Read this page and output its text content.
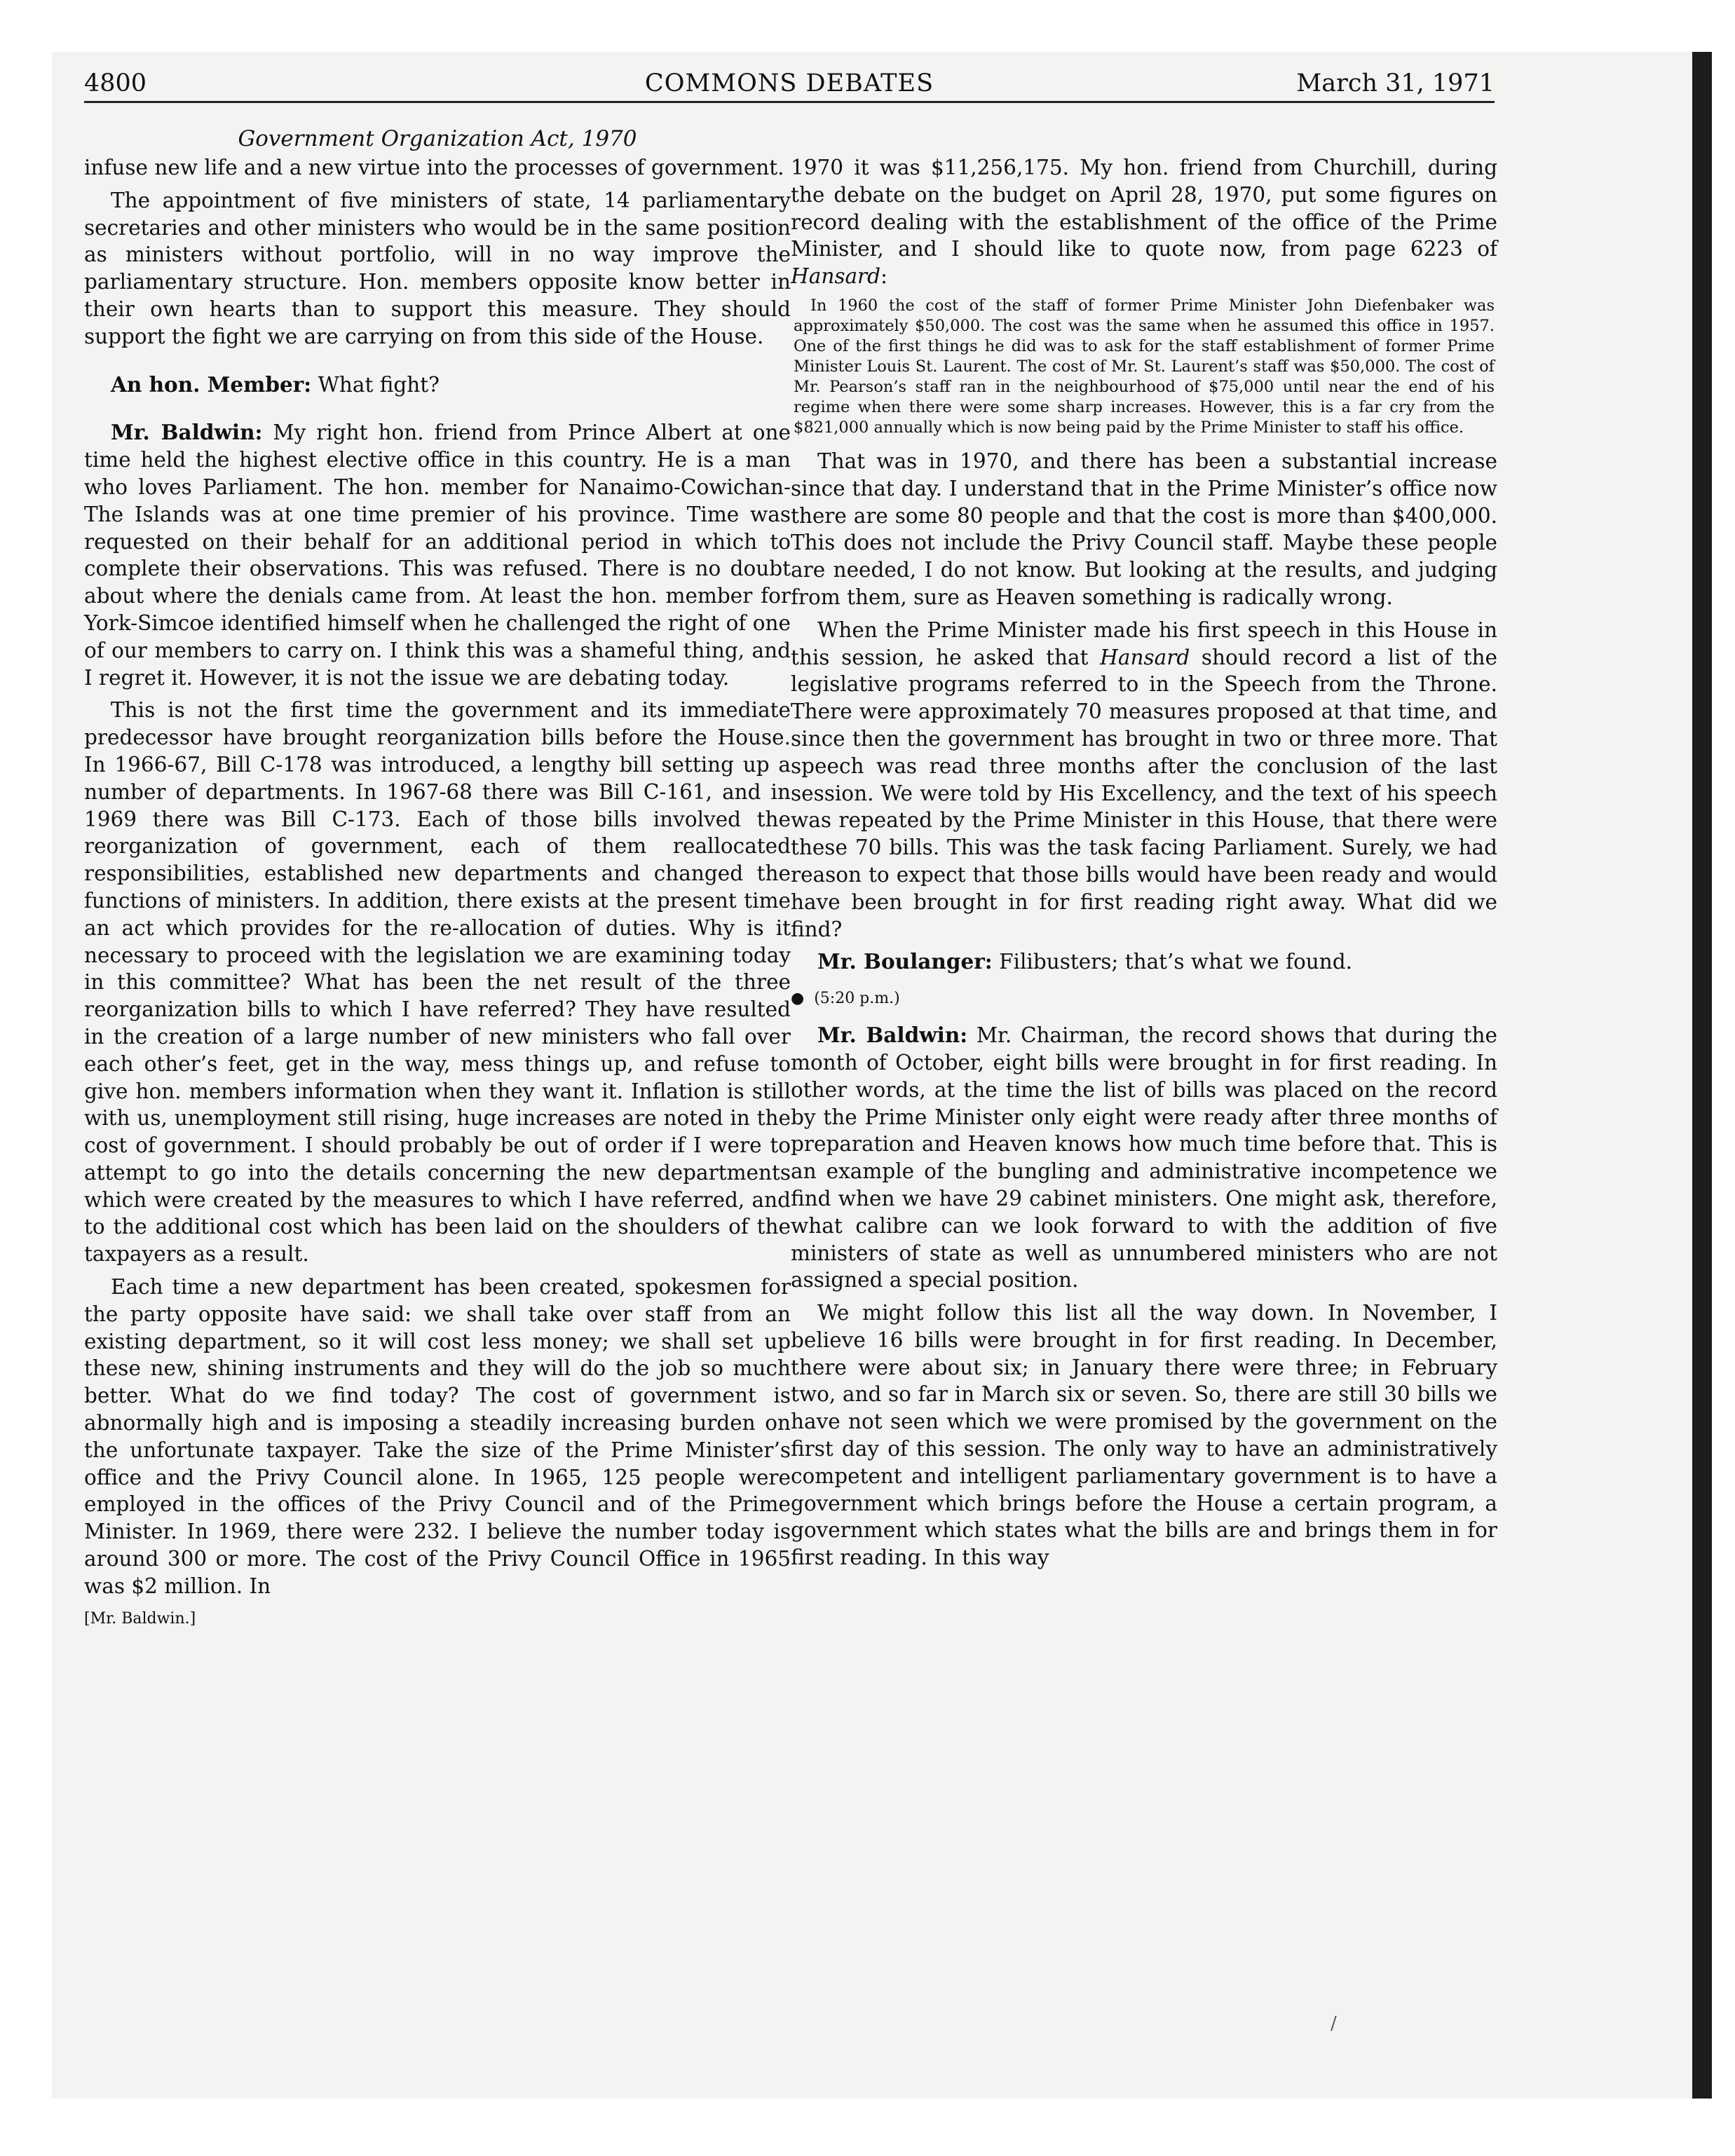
4800	COMMONS DEBATES	March 31, 1971
Government Organization Act, 1970

infuse new life and a new virtue into the processes of government.

The appointment of five ministers of state, 14 parliamentary secretaries and other ministers who would be in the same position as ministers without portfolio, will in no way improve the parliamentary structure. Hon. members opposite know better in their own hearts than to support this measure. They should support the fight we are carrying on from this side of the House.

An hon. Member: What fight?

Mr. Baldwin: My right hon. friend from Prince Albert at one time held the highest elective office in this country. He is a man who loves Parliament. The hon. member for Nanaimo-Cowichan-The Islands was at one time premier of his province. Time was requested on their behalf for an additional period in which to complete their observations. This was refused. There is no doubt about where the denials came from. At least the hon. member for York-Simcoe identified himself when he challenged the right of one of our members to carry on. I think this was a shameful thing, and I regret it. However, it is not the issue we are debating today.

This is not the first time the government and its immediate predecessor have brought reorganization bills before the House. In 1966-67, Bill C-178 was introduced, a lengthy bill setting up a number of departments. In 1967-68 there was Bill C-161, and in 1969 there was Bill C-173. Each of those bills involved the reorganization of government, each of them reallocated responsibilities, established new departments and changed the functions of ministers. In addition, there exists at the present time an act which provides for the re-allocation of duties. Why is it necessary to proceed with the legislation we are examining today in this committee? What has been the net result of the three reorganization bills to which I have referred? They have resulted in the creation of a large number of new ministers who fall over each other’s feet, get in the way, mess things up, and refuse to give hon. members information when they want it. Inflation is still with us, unemployment still rising, huge increases are noted in the cost of government. I should probably be out of order if I were to attempt to go into the details concerning the new departments which were created by the measures to which I have referred, and to the additional cost which has been laid on the shoulders of the taxpayers as a result.

Each time a new department has been created, spokesmen for the party opposite have said: we shall take over staff from an existing department, so it will cost less money; we shall set up these new, shining instruments and they will do the job so much better. What do we find today? The cost of government is abnormally high and is imposing a steadily increasing burden on the unfortunate taxpayer. Take the size of the Prime Minister’s office and the Privy Council alone. In 1965, 125 people were employed in the offices of the Privy Council and of the Prime Minister. In 1969, there were 232. I believe the number today is around 300 or more. The cost of the Privy Council Office in 1965 was $2 million. In

[Mr. Baldwin.]

1970 it was $11,256,175. My hon. friend from Churchill, during the debate on the budget on April 28, 1970, put some figures on record dealing with the establishment of the office of the Prime Minister, and I should like to quote now, from page 6223 of Hansard:

In 1960 the cost of the staff of former Prime Minister John Diefenbaker was approximately $50,000. The cost was the same when he assumed this office in 1957. One of the first things he did was to ask for the staff establishment of former Prime Minister Louis St. Laurent. The cost of Mr. St. Laurent’s staff was $50,000. The cost of Mr. Pearson’s staff ran in the neighbourhood of $75,000 until near the end of his regime when there were some sharp increases. However, this is a far cry from the $821,000 annually which is now being paid by the Prime Minister to staff his office.

That was in 1970, and there has been a substantial increase since that day. I understand that in the Prime Minister’s office now there are some 80 people and that the cost is more than $400,000. This does not include the Privy Council staff. Maybe these people are needed, I do not know. But looking at the results, and judging from them, sure as Heaven something is radically wrong.

When the Prime Minister made his first speech in this House in this session, he asked that Hansard should record a list of the legislative programs referred to in the Speech from the Throne. There were approximately 70 measures proposed at that time, and since then the government has brought in two or three more. That speech was read three months after the conclusion of the last session. We were told by His Excellency, and the text of his speech was repeated by the Prime Minister in this House, that there were these 70 bills. This was the task facing Parliament. Surely, we had reason to expect that those bills would have been ready and would have been brought in for first reading right away. What did we find?

Mr. Boulanger: Filibusters; that’s what we found.

● (5:20 p.m.)

Mr. Baldwin: Mr. Chairman, the record shows that during the month of October, eight bills were brought in for first reading. In other words, at the time the list of bills was placed on the record by the Prime Minister only eight were ready after three months of preparation and Heaven knows how much time before that. This is an example of the bungling and administrative incompetence we find when we have 29 cabinet ministers. One might ask, therefore, what calibre can we look forward to with the addition of five ministers of state as well as unnumbered ministers who are not assigned a special position.

We might follow this list all the way down. In November, I believe 16 bills were brought in for first reading. In December, there were about six; in January there were three; in February two, and so far in March six or seven. So, there are still 30 bills we have not seen which we were promised by the government on the first day of this session. The only way to have an administratively competent and intelligent parliamentary government is to have a government which brings before the House a certain program, a government which states what the bills are and brings them in for first reading. In this way

/
